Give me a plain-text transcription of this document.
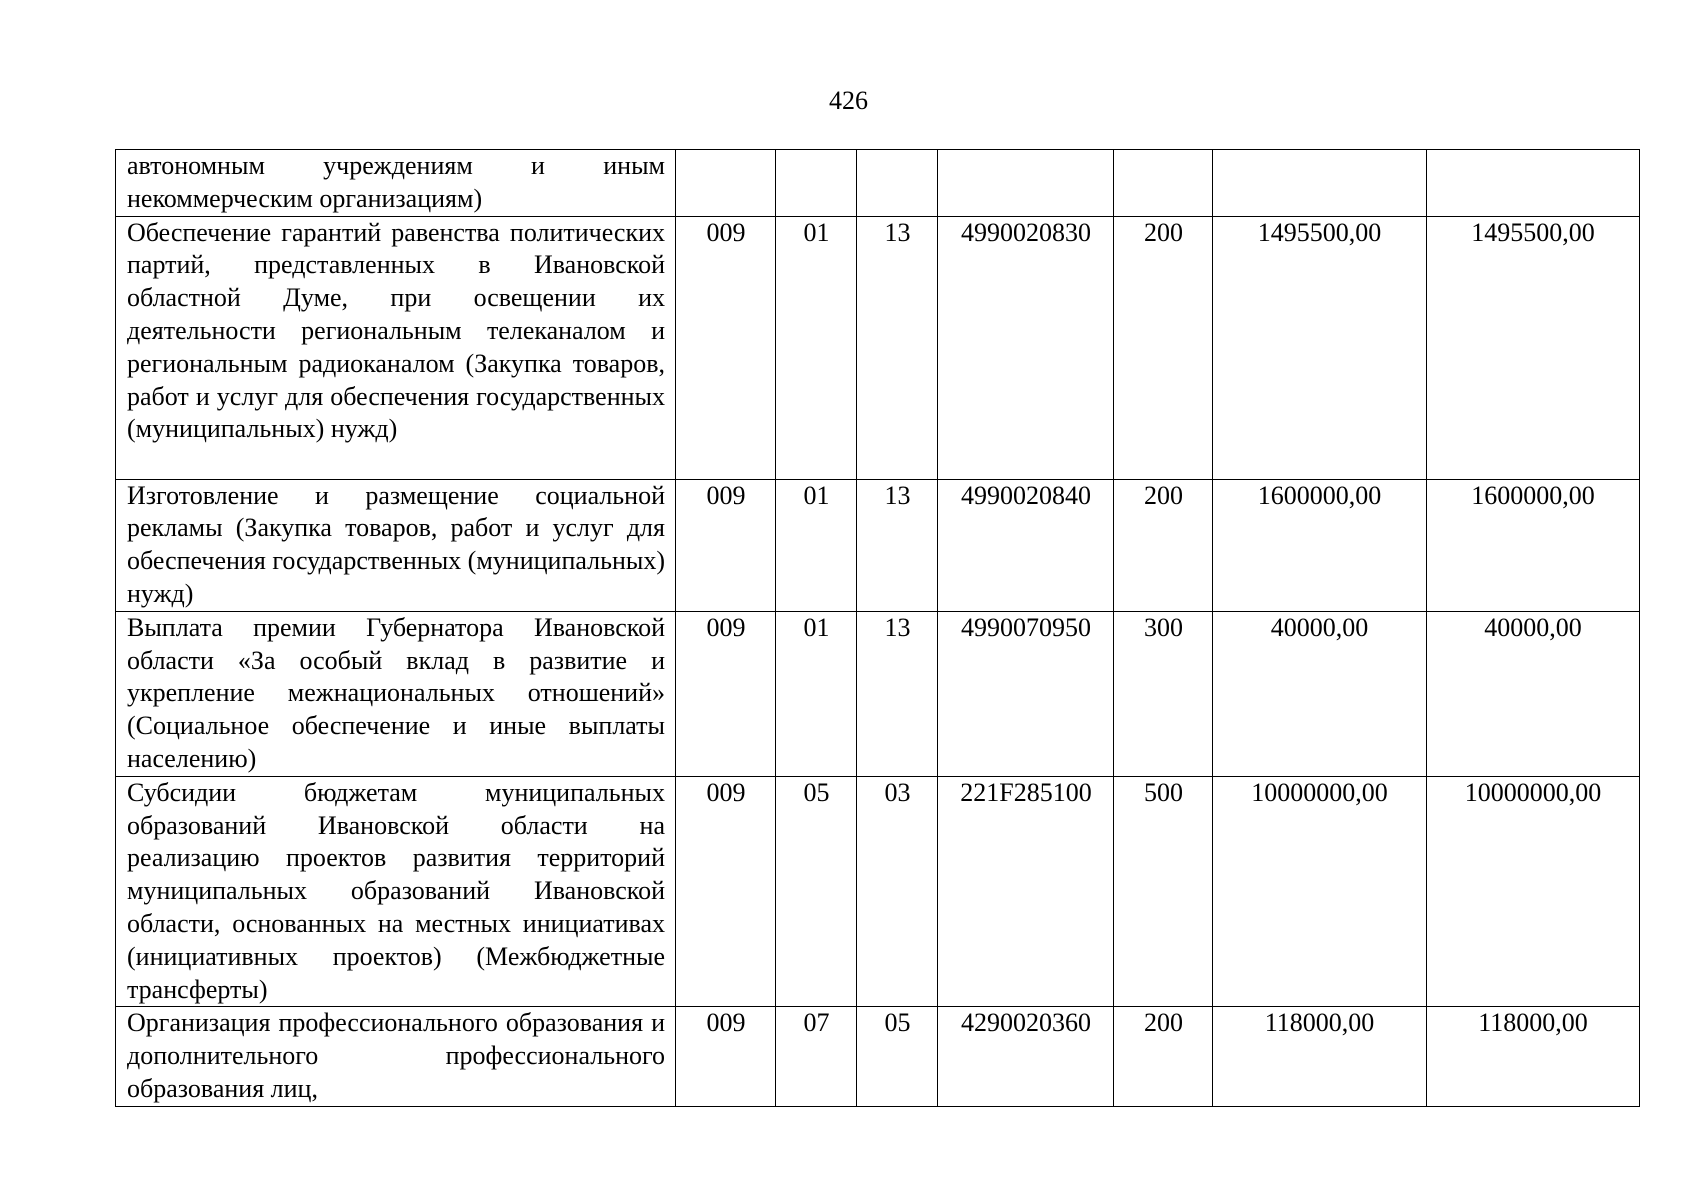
426
автономным учреждениям и иным некоммерческим организациям)							
Обеспечение гарантий равенства политических партий, представленных в Ивановской областной Думе, при освещении их деятельности региональным телеканалом и региональным радиоканалом (Закупка товаров, работ и услуг для обеспечения государственных (муниципальных) нужд)	009	01	13	4990020830	200	1495500,00	1495500,00
Изготовление и размещение социальной рекламы (Закупка товаров, работ и услуг для обеспечения государственных (муниципальных) нужд)	009	01	13	4990020840	200	1600000,00	1600000,00
Выплата премии Губернатора Ивановской области «За особый вклад в развитие и укрепление межнациональных отношений» (Социальное обеспечение и иные выплаты населению)	009	01	13	4990070950	300	40000,00	40000,00
Субсидии бюджетам муниципальных образований Ивановской области на реализацию проектов развития территорий муниципальных образований Ивановской области, основанных на местных инициативах (инициативных проектов) (Межбюджетные трансферты)	009	05	03	221F285100	500	10000000,00	10000000,00
Организация профессионального образования и дополнительного профессионального образования лиц,	009	07	05	4290020360	200	118000,00	118000,00
